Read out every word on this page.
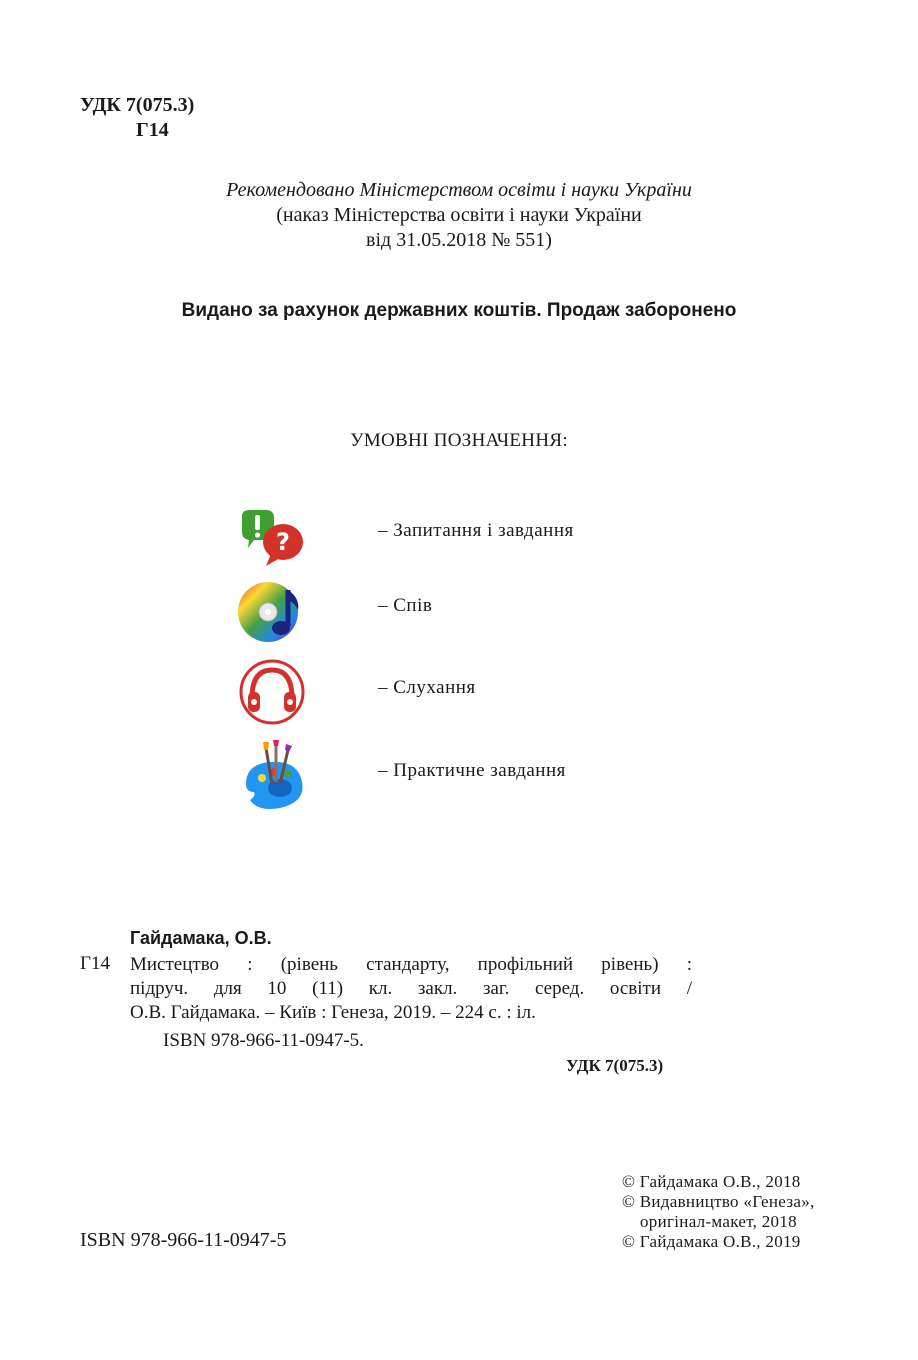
УДК 7(075.3)
Г14
Рекомендовано Міністерством освіти і науки України
(наказ Міністерства освіти і науки України
від 31.05.2018 № 551)
Видано за рахунок державних коштів. Продаж заборонено
УМОВНІ ПОЗНАЧЕННЯ:
?	– Запитання і завдання
– Спів
– Слухання
– Практичне завдання
Гайдамака, О.В.
Г14 Мистецтво : (рівень стандарту, профільний рівень) :
підруч. для 10 (11) кл. закл. заг. серед. освіти /
О.В. Гайдамака. – Київ : Генеза, 2019. – 224 с. : іл.
ISBN 978-966-11-0947-5.
УДК 7(075.3)
© Гайдамака О.В., 2018
© Видавництво «Генеза»,
оригінал-макет, 2018
© Гайдамака О.В., 2019
ISBN 978-966-11-0947-5
